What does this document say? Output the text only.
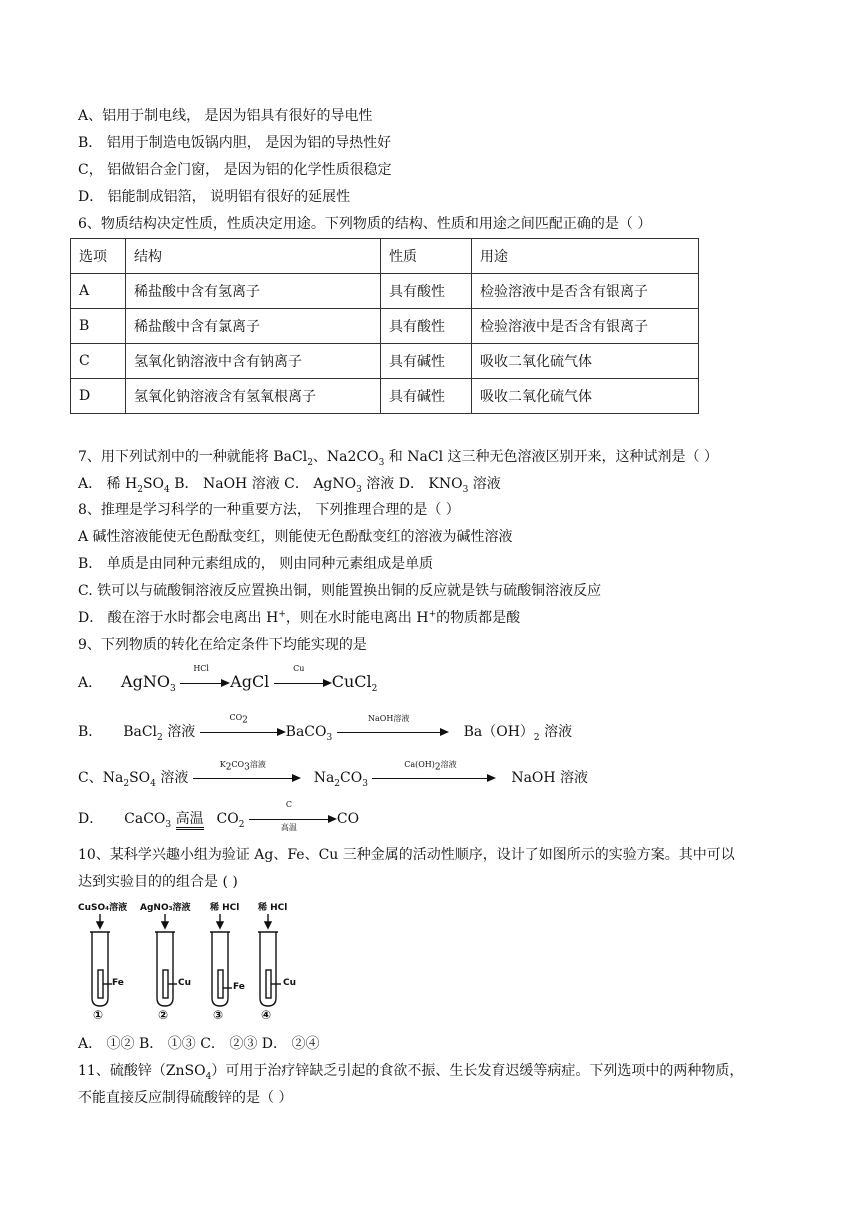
A、铝用于制电线， 是因为铝具有很好的导电性
B． 铝用于制造电饭锅内胆， 是因为铝的导热性好
C， 铝做铝合金门窗， 是因为铝的化学性质很稳定
D． 铝能制成铝箔， 说明铝有很好的延展性
6、物质结构决定性质，性质决定用途。下列物质的结构、性质和用途之间匹配正确的是（ ）
选项	结构	性质	用途
A	稀盐酸中含有氢离子	具有酸性	检验溶液中是否含有银离子
B	稀盐酸中含有氯离子	具有酸性	检验溶液中是否含有银离子
C	氢氧化钠溶液中含有钠离子	具有碱性	吸收二氧化硫气体
D	氢氧化钠溶液含有氢氧根离子	具有碱性	吸收二氧化硫气体
7、用下列试剂中的一种就能将 BaCl$_2$、$Na2CO_3$ 和 NaCl 这三种无色溶液区别开来，这种试剂是（ ）
A． 稀 $H_2SO_4$ B． NaOH 溶液 C． AgNO$_3$ 溶液 D． $KNO_3$ 溶液
8、推理是学习科学的一种重要方法， 下列推理合理的是（ ）
A 碱性溶液能使无色酚酞变红，则能使无色酚酞变红的溶液为碱性溶液
B． 单质是由同种元素组成的， 则由同种元素组成是单质
C. 铁可以与硫酸铜溶液反应置换出铜，则能置换出铜的反应就是铁与硫酸铜溶液反应
D． 酸在溶于水时都会电离出 H+，则在水时能电离出 H+的物质都是酸
9、下列物质的转化在给定条件下均能实现的是
A． AgNO$_3$
HCl
AgCl
Cu
CuCl$_2$
B． BaCl$_2$ 溶液
$CO_2$
BaCO$_3$
NaOH溶液
$Ba(OH)_2$ 溶液
C、$Na_2SO_4$ 溶液
$K_2CO_3$溶液
$Na_2CO_3$
$Ca(OH)_2$溶液
NaOH 溶液
D． CaCO$_3$ 高温 $CO_2$
C
高温
CO
10、某科学兴趣小组为验证 Ag、Fe、Cu 三种金属的活动性顺序，设计了如图所示的实验方案。其中可以
达到实验目的的组合是 ( )
CuSO₄溶液 AgNO₃溶液 稀 HCl 稀 HCl
Fe	Cu	Fe	Cu
①	②	③	④
A． ①② B． ①③ C． ②③ D． ②④
11、硫酸锌（ZnSO$_4$）可用于治疗锌缺乏引起的食欲不振、生长发育迟缓等病症。下列选项中的两种物质，
不能直接反应制得硫酸锌的是（ ）
